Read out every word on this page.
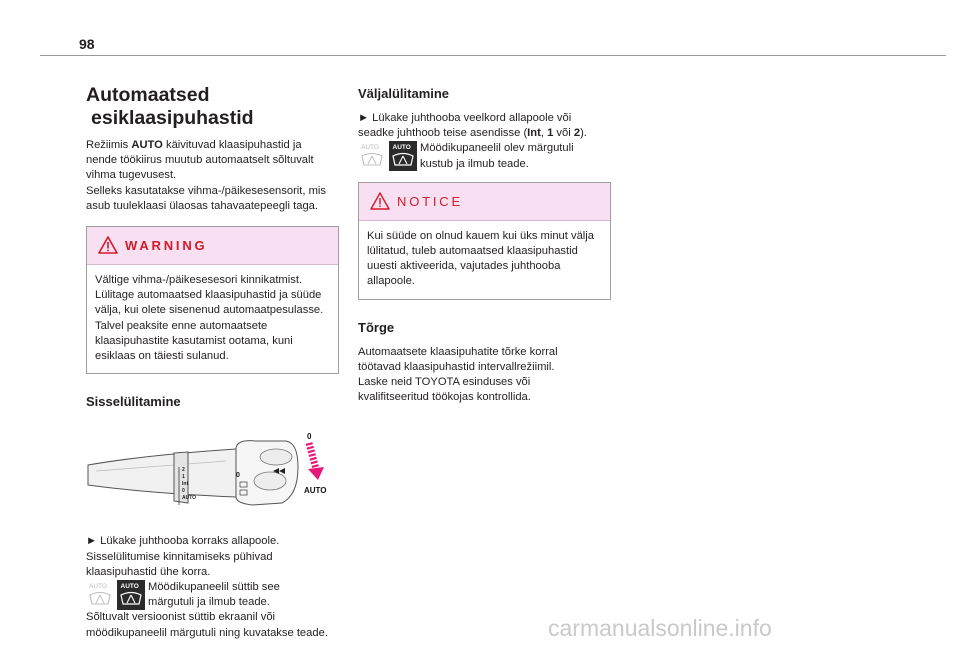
98
Automaatsed
esiklaasipuhastid

Režiimis AUTO käivituvad klaasipuhastid ja
nende töökiirus muutub automaatselt sõltuvalt
vihma tugevusest.
Selleks kasutatakse vihma-/päikesesensorit, mis
asub tuuleklaasi ülaosas tahavaatepeegli taga.

WARNING
Vältige vihma-/päikesesesori kinnikatmist.
Lülitage automaatsed klaasipuhastid ja süüde
välja, kui olete sisenenud automaatpesulasse.
Talvel peaksite enne automaatsete
klaasipuhastite kasutamist ootama, kuni
esiklaas on täiesti sulanud.
Sisselülitamine
2
1
Int
0
AUTO
0
0
AUTO

► Lükake juhthooba korraks allapoole.
Sisselülitumise kinnitamiseks pühivad
klaasipuhastid ühe korra.

AUTO AUTO Möödikupaneelil süttib see
märgutuli ja ilmub teade.

Sõltuvalt versioonist süttib ekraanil või
möödikupaneelil märgutuli ning kuvatakse teade.

Väljalülitamine

► Lükake juhthooba veelkord allapoole või
seadke juhthoob teise asendisse (Int, 1 või 2).

AUTO AUTO Möödikupaneelil olev märgutuli
kustub ja ilmub teade.
NOTICE
Kui süüde on olnud kauem kui üks minut välja
lülitatud, tuleb automaatsed klaasipuhastid
uuesti aktiveerida, vajutades juhthooba
allapoole.
Tõrge

Automaatsete klaasipuhatite tõrke korral
töötavad klaasipuhastid intervallrežiimil.
Laske neid TOYOTA esinduses või
kvalifitseeritud töökojas kontrollida.

carmanualsonline.info
